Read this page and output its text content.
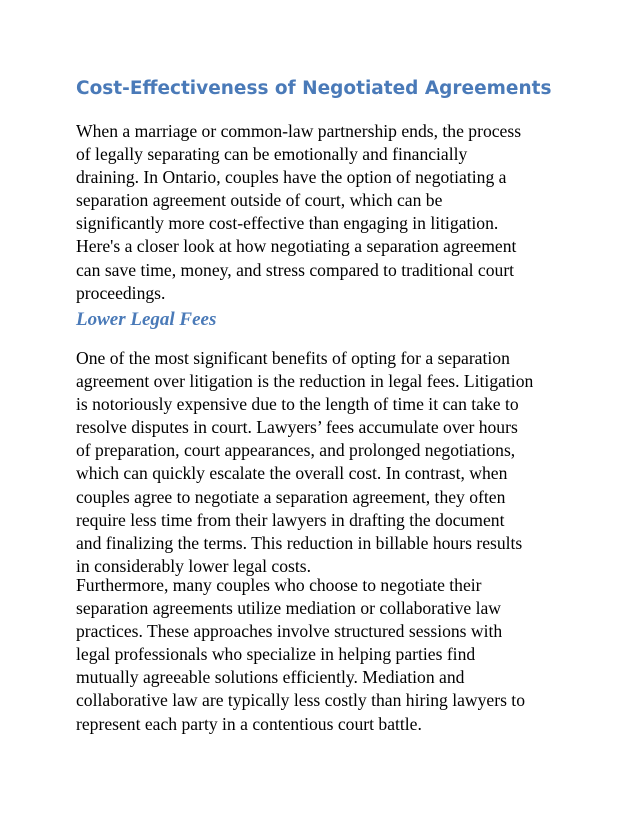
Cost-Effectiveness of Negotiated Agreements

When a marriage or common-law partnership ends, the process
of legally separating can be emotionally and financially
draining. In Ontario, couples have the option of negotiating a
separation agreement outside of court, which can be
significantly more cost-effective than engaging in litigation.
Here's a closer look at how negotiating a separation agreement
can save time, money, and stress compared to traditional court
proceedings.

Lower Legal Fees

One of the most significant benefits of opting for a separation
agreement over litigation is the reduction in legal fees. Litigation
is notoriously expensive due to the length of time it can take to
resolve disputes in court. Lawyers’ fees accumulate over hours
of preparation, court appearances, and prolonged negotiations,
which can quickly escalate the overall cost. In contrast, when
couples agree to negotiate a separation agreement, they often
require less time from their lawyers in drafting the document
and finalizing the terms. This reduction in billable hours results
in considerably lower legal costs.

Furthermore, many couples who choose to negotiate their
separation agreements utilize mediation or collaborative law
practices. These approaches involve structured sessions with
legal professionals who specialize in helping parties find
mutually agreeable solutions efficiently. Mediation and
collaborative law are typically less costly than hiring lawyers to
represent each party in a contentious court battle.
